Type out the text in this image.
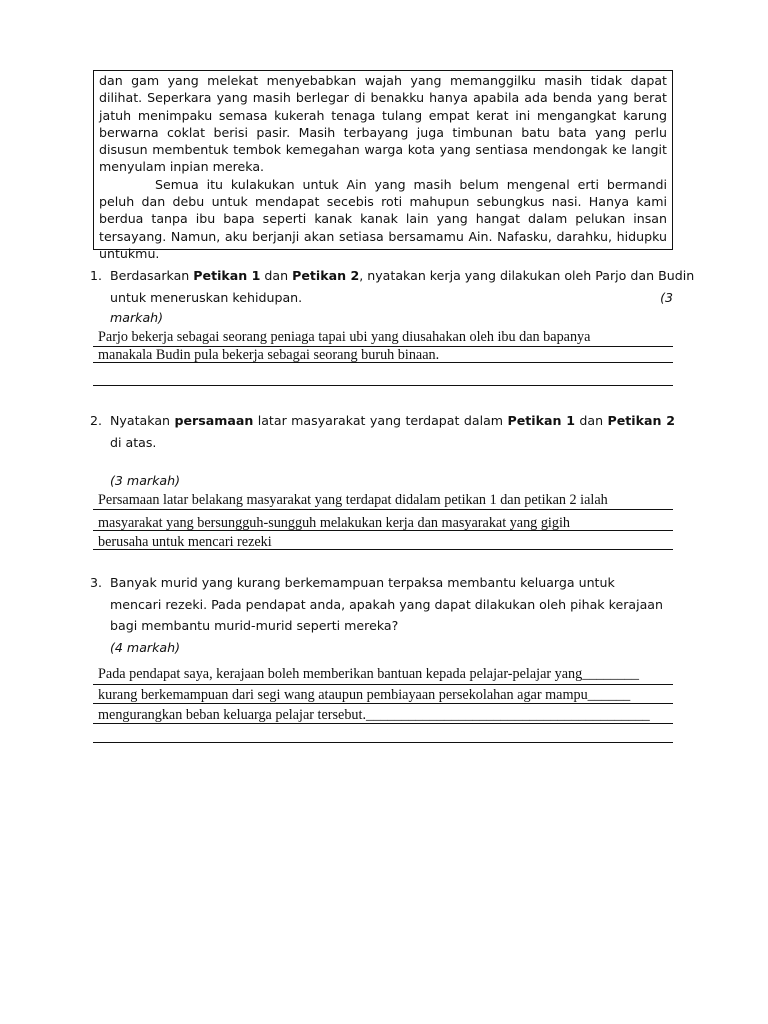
dan gam yang melekat menyebabkan wajah yang memanggilku masih tidak dapat dilihat. Seperkara yang masih berlegar di benakku hanya apabila ada benda yang berat jatuh menimpaku semasa kukerah tenaga tulang empat kerat ini mengangkat karung berwarna coklat berisi pasir. Masih terbayang juga timbunan batu bata yang perlu disusun membentuk tembok kemegahan warga kota yang sentiasa mendongak ke langit menyulam inpian mereka.

Semua itu kulakukan untuk Ain yang masih belum mengenal erti bermandi peluh dan debu untuk mendapat secebis roti mahupun sebungkus nasi. Hanya kami berdua tanpa ibu bapa seperti kanak kanak lain yang hangat dalam pelukan insan tersayang. Namun, aku berjanji akan setiasa bersamamu Ain. Nafasku, darahku, hidupku untukmu.

1. Berdasarkan Petikan 1 dan Petikan 2, nyatakan kerja yang dilakukan oleh Parjo dan Budin
untuk meneruskan kehidupan.	(3
markah)
Parjo bekerja sebagai seorang peniaga tapai ubi yang diusahakan oleh ibu dan bapanya
manakala Budin pula bekerja sebagai seorang buruh binaan.
2. Nyatakan persamaan latar masyarakat yang terdapat dalam Petikan 1 dan Petikan 2 di atas.
(3 markah)
Persamaan latar belakang masyarakat yang terdapat didalam petikan 1 dan petikan 2 ialah
masyarakat yang bersungguh-sungguh melakukan kerja dan masyarakat yang gigih
berusaha untuk mencari rezeki
3. Banyak murid yang kurang berkemampuan terpaksa membantu keluarga untuk mencari rezeki. Pada pendapat anda, apakah yang dapat dilakukan oleh pihak kerajaan bagi membantu murid-murid seperti mereka?
(4 markah)
Pada pendapat saya, kerajaan boleh memberikan bantuan kepada pelajar-pelajar yang________
kurang berkemampuan dari segi wang ataupun pembiayaan persekolahan agar mampu______
mengurangkan beban keluarga pelajar tersebut.________________________________________
